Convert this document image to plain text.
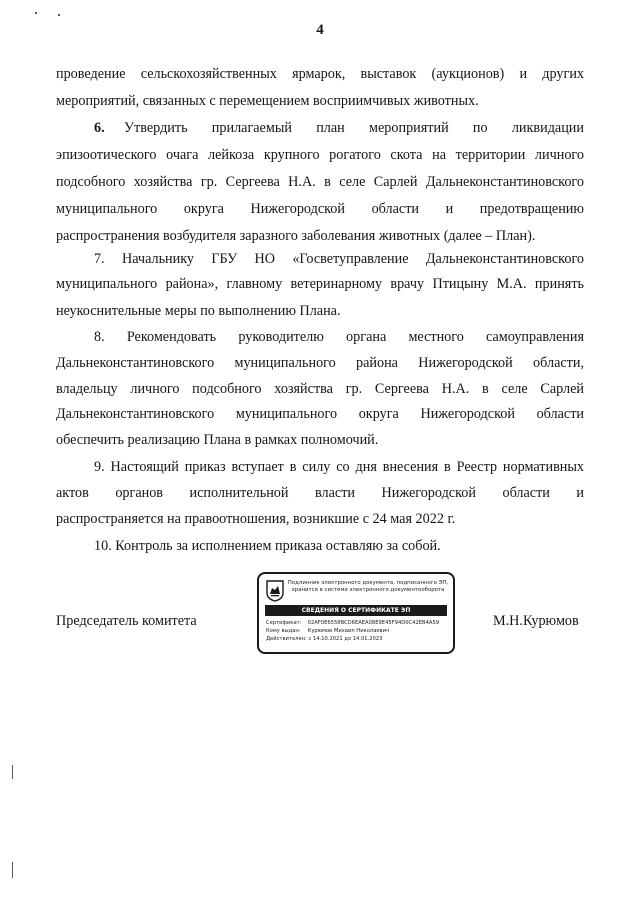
4
проведение сельскохозяйственных ярмарок, выставок (аукционов) и других
мероприятий, связанных с перемещением восприимчивых животных.
6. Утвердить прилагаемый план мероприятий по ликвидации
эпизоотического очага лейкоза крупного рогатого скота на территории личного
подсобного хозяйства гр. Сергеева Н.А. в селе Сарлей Дальнеконстантиновского
муниципального округа Нижегородской области и предотвращению
распространения возбудителя заразного заболевания животных (далее – План).
7. Начальнику ГБУ НО «Госветуправление Дальнеконстантиновского
муниципального района», главному ветеринарному врачу Птицыну М.А. принять
неукоснительные меры по выполнению Плана.
8. Рекомендовать руководителю органа местного самоуправления
Дальнеконстантиновского муниципального района Нижегородской области,
владельцу личного подсобного хозяйства гр. Сергеева Н.А. в селе Сарлей
Дальнеконстантиновского муниципального округа Нижегородской области
обеспечить реализацию Плана в рамках полномочий.
9. Настоящий приказ вступает в силу со дня внесения в Реестр нормативных
актов органов исполнительной власти Нижегородской области и
распространяется на правоотношения, возникшие с 24 мая 2022 г.
10. Контроль за исполнением приказа оставляю за собой.
Председатель комитета	М.Н.Курюмов
Подлинник электронного документа, подписанного ЭП, хранится в системе электронного документооборота
СВЕДЕНИЯ О СЕРТИФИКАТЕ ЭП
Сертификат: 02AF0E6558BCD6EAEA08E9E45F94D0C42EB4A59
Кому выдан: Курюмов Михаил Николаевич
Действителен: с 14.10.2021 до 14.01.2023
